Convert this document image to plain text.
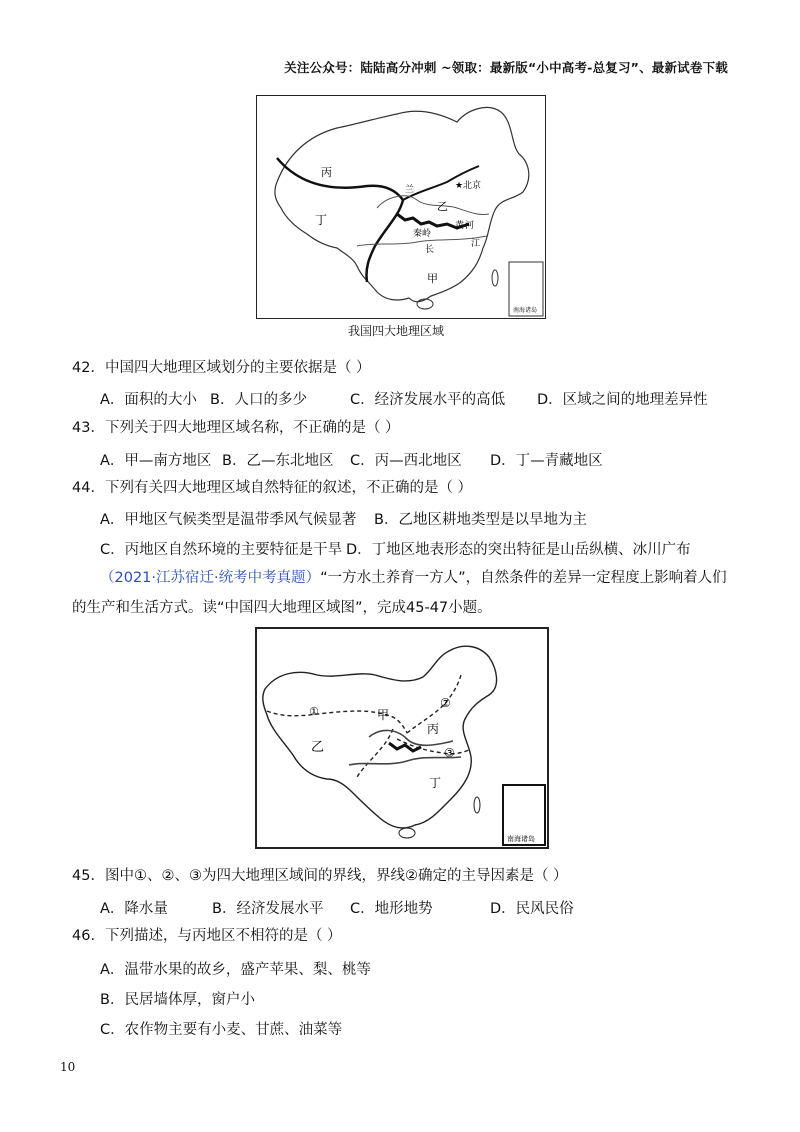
关注公众号：陆陆高分冲刺 ~领取：最新版“小中高考-总复习”、最新试卷下载
★
丙
丁
乙
甲
北京
黄 河
秦岭
长
江
兰
南海诸岛
我国四大地理区域
42．中国四大地理区域划分的主要依据是（ ）
A．面积的大小 B．人口的多少	C．经济发展水平的高低 D．区域之间的地理差异性
43．下列关于四大地理区域名称，不正确的是（ ）
A．甲—南方地区 B．乙—东北地区 C．丙—西北地区 D．丁—青藏地区
44．下列有关四大地理区域自然特征的叙述，不正确的是（ ）
A．甲地区气候类型是温带季风气候显著 B．乙地区耕地类型是以旱地为主
C．丙地区自然环境的主要特征是干旱 D．丁地区地表形态的突出特征是山岳纵横、冰川广布
（2021·江苏宿迁·统考中考真题）“一方水土养育一方人”，自然条件的差异一定程度上影响着人们
的生产和生活方式。读“中国四大地理区域图”，完成45-47小题。
①
②
③
甲
乙
丙
丁
南海诸岛
45．图中①、②、③为四大地理区域间的界线，界线②确定的主导因素是（ ）
A．降水量	B．经济发展水平 C．地形地势	D．民风民俗
46．下列描述，与丙地区不相符的是（ ）
A．温带水果的故乡，盛产苹果、梨、桃等
B．民居墙体厚，窗户小
C．农作物主要有小麦、甘蔗、油菜等
10
